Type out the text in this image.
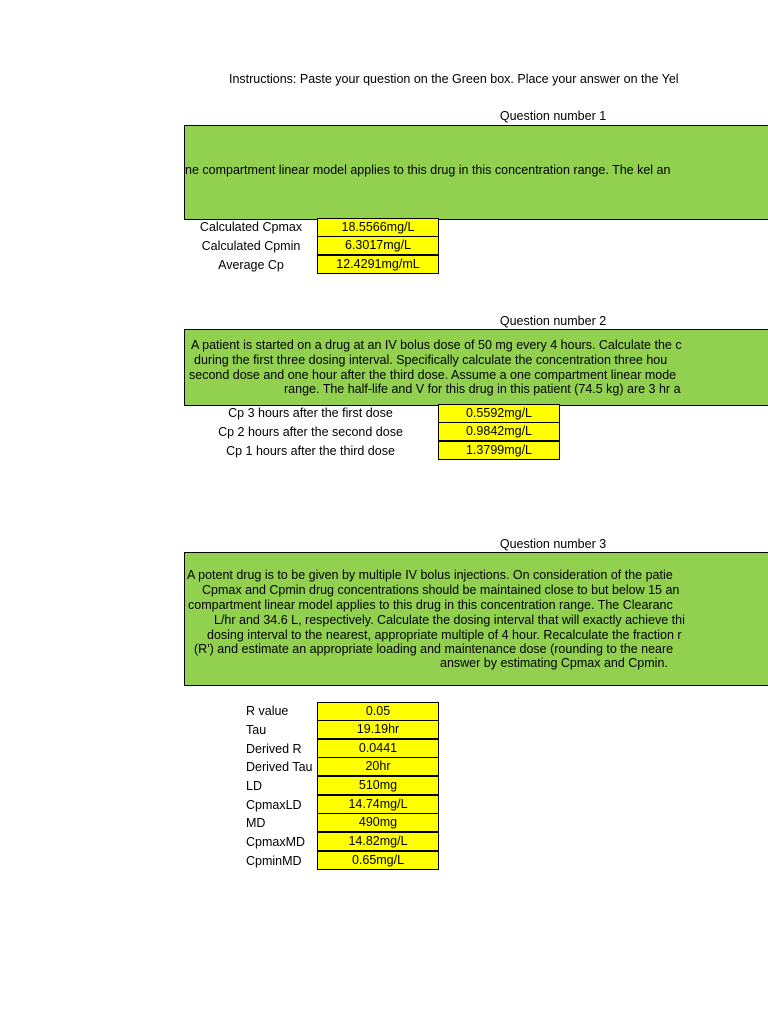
Instructions: Paste your question on the Green box. Place your answer on the Yel
Question number 1
ne compartment linear model applies to this drug in this concentration range. The kel an
Calculated Cpmax	18.5566mg/L
Calculated Cpmin	6.3017mg/L
Average Cp	12.4291mg/mL
Question number 2
A patient is started on a drug at an IV bolus dose of 50 mg every 4 hours. Calculate the c
during the first three dosing interval. Specifically calculate the concentration three hou
second dose and one hour after the third dose. Assume a one compartment linear mode
range. The half-life and V for this drug in this patient (74.5 kg) are 3 hr a
Cp 3 hours after the first dose	0.5592mg/L
Cp 2 hours after the second dose	0.9842mg/L
Cp 1 hours after the third dose	1.3799mg/L
Question number 3
A potent drug is to be given by multiple IV bolus injections. On consideration of the patie
Cpmax and Cpmin drug concentrations should be maintained close to but below 15 an
compartment linear model applies to this drug in this concentration range. The Clearanc
L/hr and 34.6 L, respectively. Calculate the dosing interval that will exactly achieve thi
dosing interval to the nearest, appropriate multiple of 4 hour. Recalculate the fraction r
(R') and estimate an appropriate loading and maintenance dose (rounding to the neare
answer by estimating Cpmax and Cpmin.
R value	0.05
Tau	19.19hr
Derived R	0.0441
Derived Tau	20hr
LD	510mg
CpmaxLD	14.74mg/L
MD	490mg
CpmaxMD	14.82mg/L
CpminMD	0.65mg/L
